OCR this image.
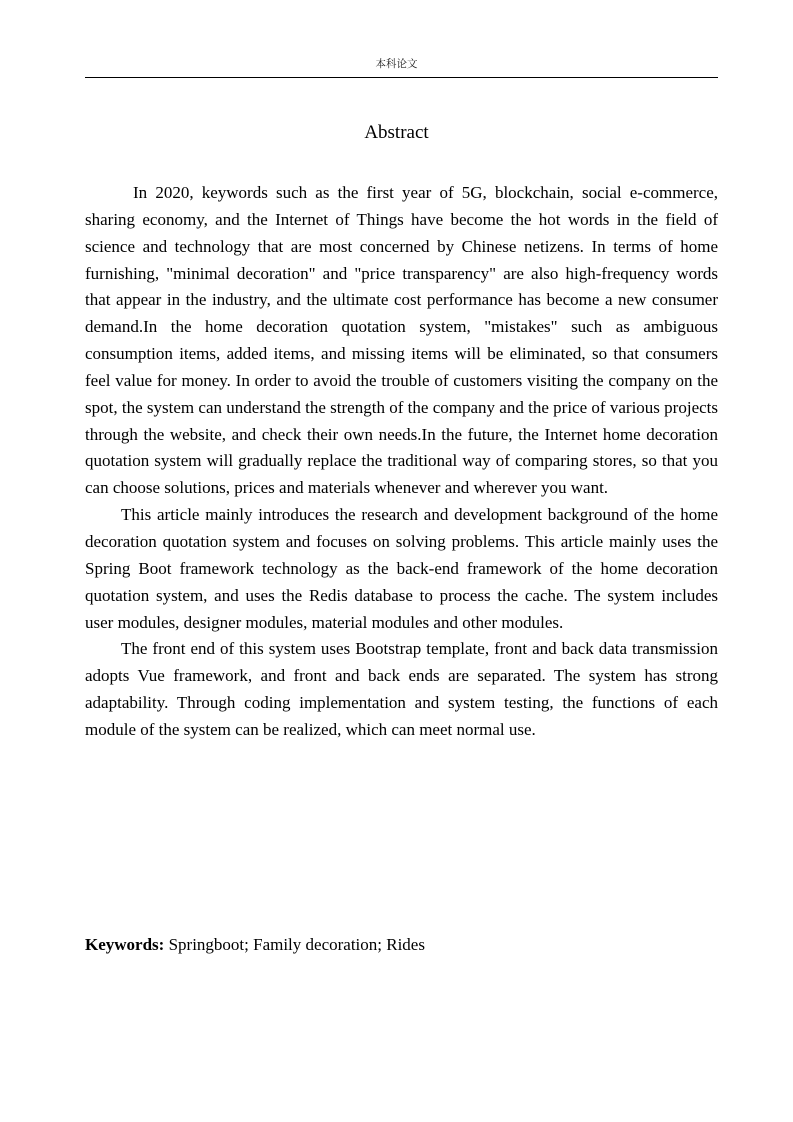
本科论文
Abstract

In 2020, keywords such as the first year of 5G, blockchain, social e-commerce, sharing economy, and the Internet of Things have become the hot words in the field of science and technology that are most concerned by Chinese netizens. In terms of home furnishing, "minimal decoration" and "price transparency" are also high-frequency words that appear in the industry, and the ultimate cost performance has become a new consumer demand.In the home decoration quotation system, "mistakes" such as ambiguous consumption items, added items, and missing items will be eliminated, so that consumers feel value for money. In order to avoid the trouble of customers visiting the company on the spot, the system can understand the strength of the company and the price of various projects through the website, and check their own needs.In the future, the Internet home decoration quotation system will gradually replace the traditional way of comparing stores, so that you can choose solutions, prices and materials whenever and wherever you want.

This article mainly introduces the research and development background of the home decoration quotation system and focuses on solving problems. This article mainly uses the Spring Boot framework technology as the back-end framework of the home decoration quotation system, and uses the Redis database to process the cache. The system includes user modules, designer modules, material modules and other modules.

The front end of this system uses Bootstrap template, front and back data transmission adopts Vue framework, and front and back ends are separated. The system has strong adaptability. Through coding implementation and system testing, the functions of each module of the system can be realized, which can meet normal use.

Keywords: Springboot; Family decoration; Rides
